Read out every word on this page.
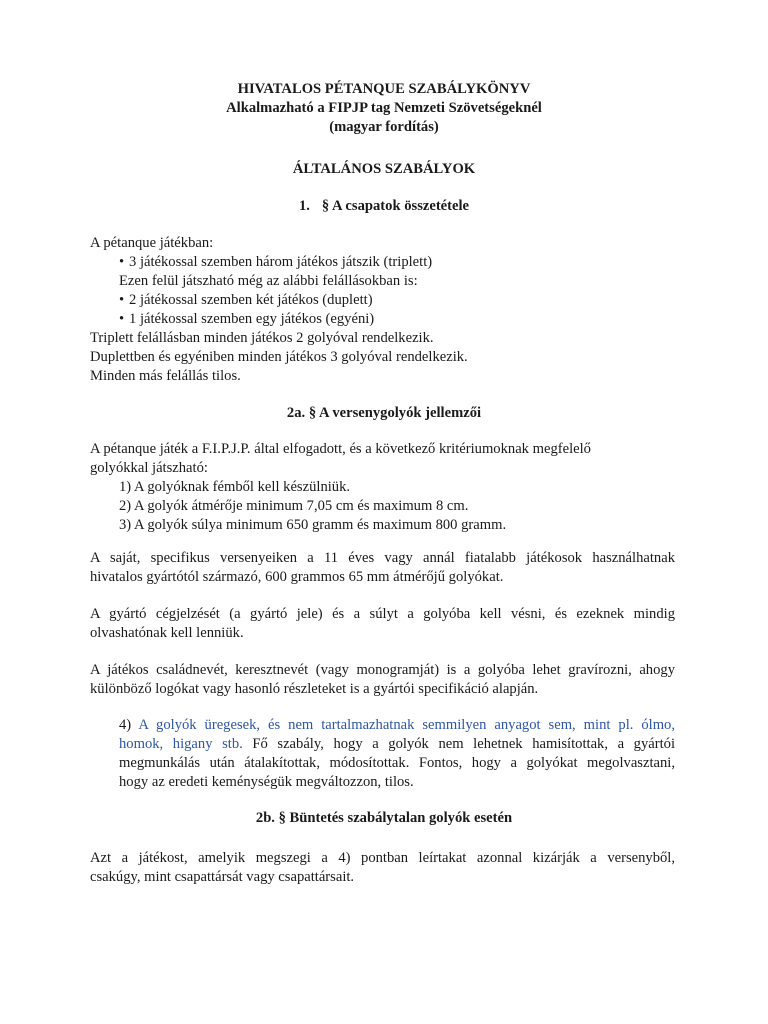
HIVATALOS PÉTANQUE SZABÁLYKÖNYV
Alkalmazható a FIPJP tag Nemzeti Szövetségeknél
(magyar fordítás)
ÁLTALÁNOS SZABÁLYOK
1. § A csapatok összetétele
A pétanque játékban:
• 3 játékossal szemben három játékos játszik (triplett)
Ezen felül játszható még az alábbi felállásokban is:
• 2 játékossal szemben két játékos (duplett)
• 1 játékossal szemben egy játékos (egyéni)
Triplett felállásban minden játékos 2 golyóval rendelkezik.
Duplettben és egyéniben minden játékos 3 golyóval rendelkezik.
Minden más felállás tilos.
2a. § A versenygolyók jellemzői
A pétanque játék a F.I.P.J.P. által elfogadott, és a következő kritériumoknak megfelelő
golyókkal játszható:
1) A golyóknak fémből kell készülniük.
2) A golyók átmérője minimum 7,05 cm és maximum 8 cm.
3) A golyók súlya minimum 650 gramm és maximum 800 gramm.
A saját, specifikus versenyeiken a 11 éves vagy annál fiatalabb játékosok használhatnak
hivatalos gyártótól származó, 600 grammos 65 mm átmérőjű golyókat.
A gyártó cégjelzését (a gyártó jele) és a súlyt a golyóba kell vésni, és ezeknek mindig
olvashatónak kell lenniük.
A játékos családnevét, keresztnevét (vagy monogramját) is a golyóba lehet gravírozni, ahogy
különböző logókat vagy hasonló részleteket is a gyártói specifikáció alapján.
4) A golyók üregesek, és nem tartalmazhatnak semmilyen anyagot sem, mint pl. ólmo,
homok, higany stb. Fő szabály, hogy a golyók nem lehetnek hamisítottak, a gyártói
megmunkálás után átalakítottak, módosítottak. Fontos, hogy a golyókat megolvasztani,
hogy az eredeti keménységük megváltozzon, tilos.
2b. § Büntetés szabálytalan golyók esetén
Azt a játékost, amelyik megszegi a 4) pontban leírtakat azonnal kizárják a versenyből,
csakúgy, mint csapattársát vagy csapattársait.
